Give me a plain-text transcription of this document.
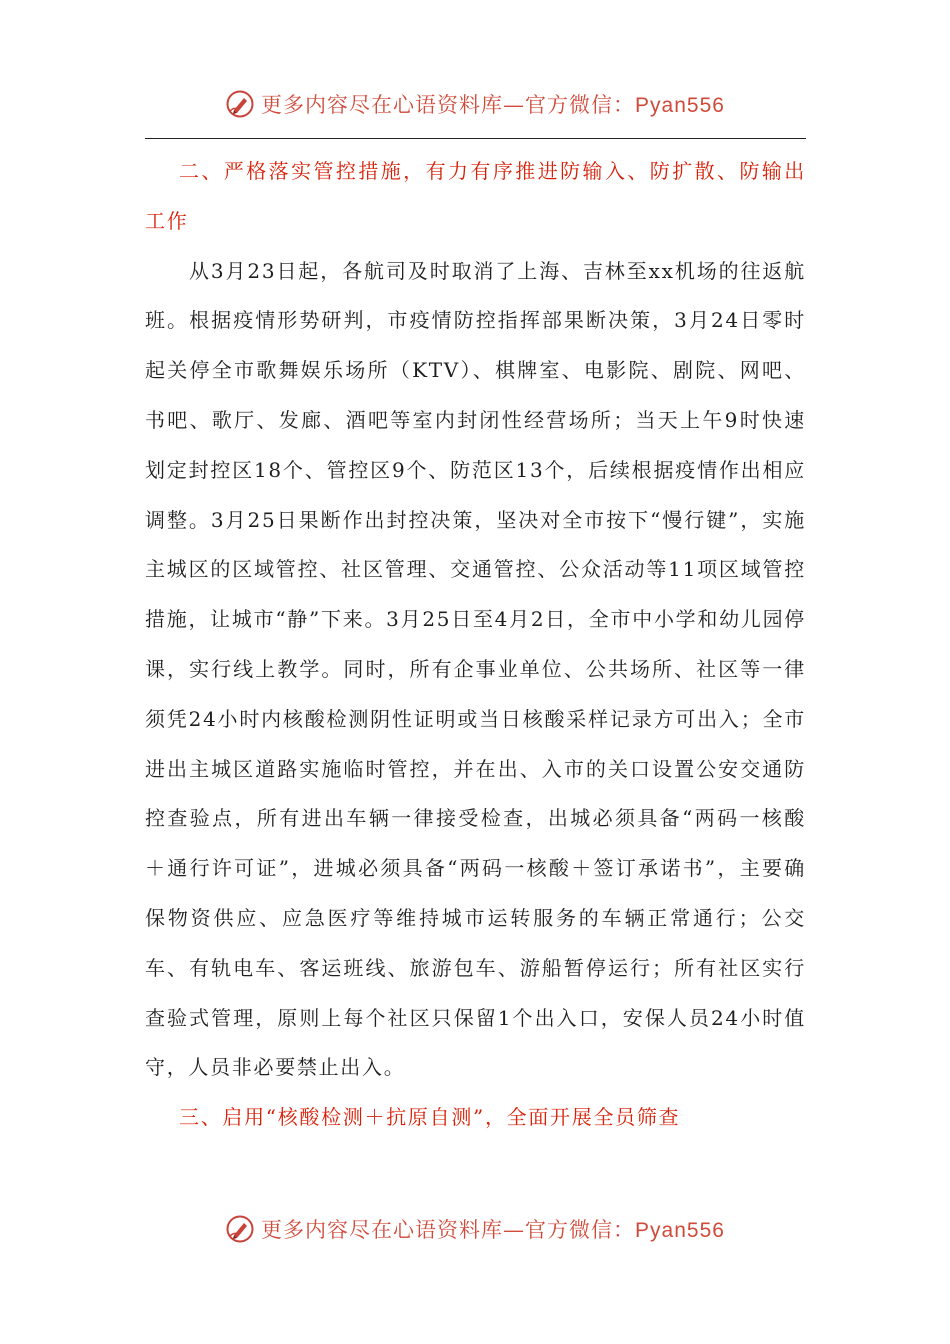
更多内容尽在心语资料库—官方微信：Pyan556

二、严格落实管控措施，有力有序推进防输入、防扩散、防输出工作

从3月23日起，各航司及时取消了上海、吉林至xx机场的往返航班。根据疫情形势研判，市疫情防控指挥部果断决策，3月24日零时起关停全市歌舞娱乐场所（KTV）、棋牌室、电影院、剧院、网吧、书吧、歌厅、发廊、酒吧等室内封闭性经营场所；当天上午9时快速划定封控区18个、管控区9个、防范区13个，后续根据疫情作出相应调整。3月25日果断作出封控决策，坚决对全市按下“慢行键”，实施主城区的区域管控、社区管理、交通管控、公众活动等11项区域管控措施，让城市“静”下来。3月25日至4月2日，全市中小学和幼儿园停课，实行线上教学。同时，所有企事业单位、公共场所、社区等一律须凭24小时内核酸检测阴性证明或当日核酸采样记录方可出入；全市进出主城区道路实施临时管控，并在出、入市的关口设置公安交通防控查验点，所有进出车辆一律接受检查，出城必须具备“两码一核酸＋通行许可证”，进城必须具备“两码一核酸＋签订承诺书”，主要确保物资供应、应急医疗等维持城市运转服务的车辆正常通行；公交车、有轨电车、客运班线、旅游包车、游船暂停运行；所有社区实行查验式管理，原则上每个社区只保留1个出入口，安保人员24小时值守，人员非必要禁止出入。

三、启用“核酸检测＋抗原自测”，全面开展全员筛查

更多内容尽在心语资料库—官方微信：Pyan556
